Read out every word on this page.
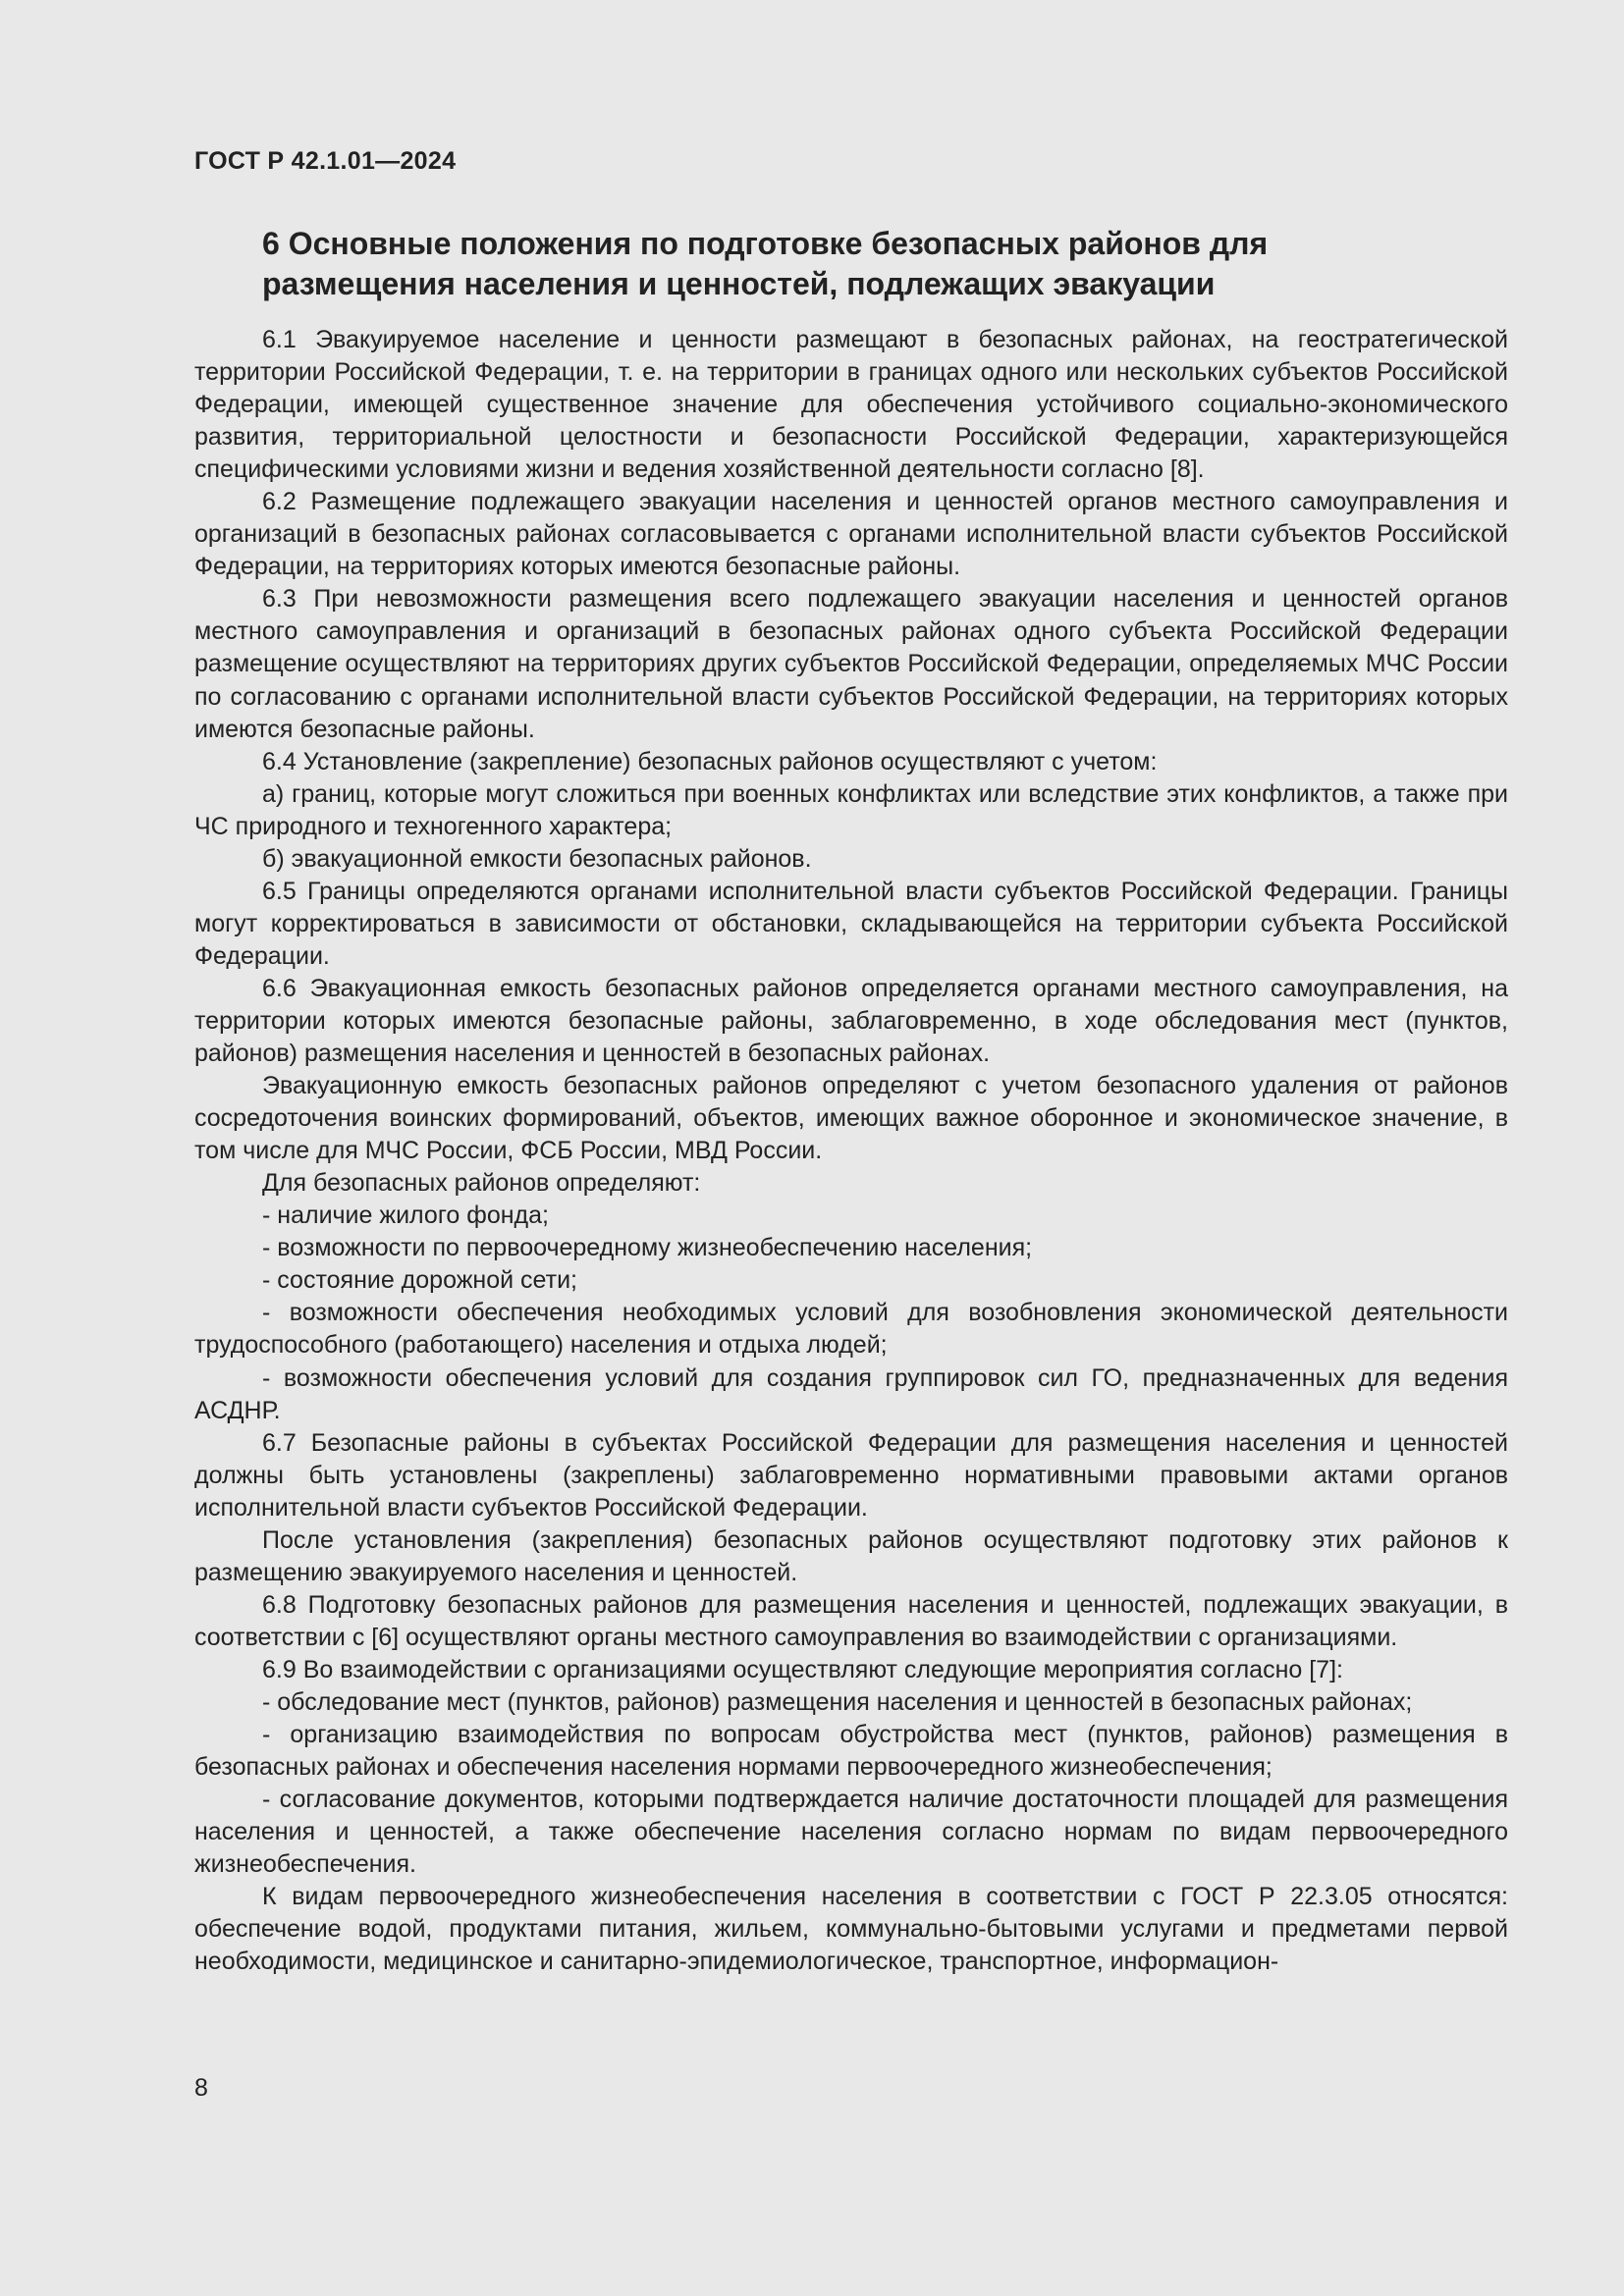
ГОСТ Р 42.1.01—2024
6 Основные положения по подготовке безопасных районов для
размещения населения и ценностей, подлежащих эвакуации

6.1 Эвакуируемое население и ценности размещают в безопасных районах, на геостратегической территории Российской Федерации, т. е. на территории в границах одного или нескольких субъектов Российской Федерации, имеющей существенное значение для обеспечения устойчивого социально-экономического развития, территориальной целостности и безопасности Российской Федерации, характеризующейся специфическими условиями жизни и ведения хозяйственной деятельности согласно [8].

6.2 Размещение подлежащего эвакуации населения и ценностей органов местного самоуправления и организаций в безопасных районах согласовывается с органами исполнительной власти субъектов Российской Федерации, на территориях которых имеются безопасные районы.

6.3 При невозможности размещения всего подлежащего эвакуации населения и ценностей органов местного самоуправления и организаций в безопасных районах одного субъекта Российской Федерации размещение осуществляют на территориях других субъектов Российской Федерации, определяемых МЧС России по согласованию с органами исполнительной власти субъектов Российской Федерации, на территориях которых имеются безопасные районы.

6.4 Установление (закрепление) безопасных районов осуществляют с учетом:

а) границ, которые могут сложиться при военных конфликтах или вследствие этих конфликтов, а также при ЧС природного и техногенного характера;

б) эвакуационной емкости безопасных районов.

6.5 Границы определяются органами исполнительной власти субъектов Российской Федерации. Границы могут корректироваться в зависимости от обстановки, складывающейся на территории субъекта Российской Федерации.

6.6 Эвакуационная емкость безопасных районов определяется органами местного самоуправления, на территории которых имеются безопасные районы, заблаговременно, в ходе обследования мест (пунктов, районов) размещения населения и ценностей в безопасных районах.

Эвакуационную емкость безопасных районов определяют с учетом безопасного удаления от районов сосредоточения воинских формирований, объектов, имеющих важное оборонное и экономическое значение, в том числе для МЧС России, ФСБ России, МВД России.

Для безопасных районов определяют:

- наличие жилого фонда;

- возможности по первоочередному жизнеобеспечению населения;

- состояние дорожной сети;

- возможности обеспечения необходимых условий для возобновления экономической деятельности трудоспособного (работающего) населения и отдыха людей;

- возможности обеспечения условий для создания группировок сил ГО, предназначенных для ведения АСДНР.

6.7 Безопасные районы в субъектах Российской Федерации для размещения населения и ценностей должны быть установлены (закреплены) заблаговременно нормативными правовыми актами органов исполнительной власти субъектов Российской Федерации.

После установления (закрепления) безопасных районов осуществляют подготовку этих районов к размещению эвакуируемого населения и ценностей.

6.8 Подготовку безопасных районов для размещения населения и ценностей, подлежащих эвакуации, в соответствии с [6] осуществляют органы местного самоуправления во взаимодействии с организациями.

6.9 Во взаимодействии с организациями осуществляют следующие мероприятия согласно [7]:

- обследование мест (пунктов, районов) размещения населения и ценностей в безопасных районах;

- организацию взаимодействия по вопросам обустройства мест (пунктов, районов) размещения в безопасных районах и обеспечения населения нормами первоочередного жизнеобеспечения;

- согласование документов, которыми подтверждается наличие достаточности площадей для размещения населения и ценностей, а также обеспечение населения согласно нормам по видам первоочередного жизнеобеспечения.

К видам первоочередного жизнеобеспечения населения в соответствии с ГОСТ Р 22.3.05 относятся: обеспечение водой, продуктами питания, жильем, коммунально-бытовыми услугами и предметами первой необходимости, медицинское и санитарно-эпидемиологическое, транспортное, информацион-

8
